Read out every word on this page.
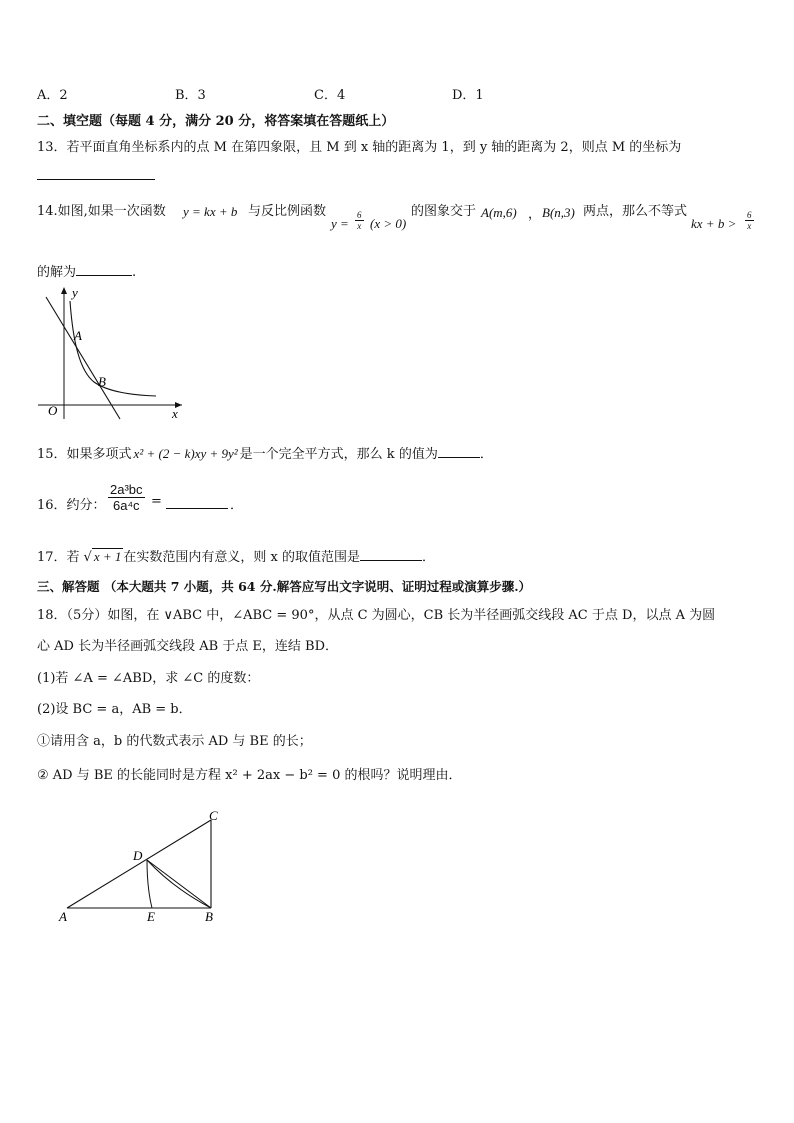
A．2	B．3	C．4	D．1
二、填空题（每题 4 分，满分 20 分，将答案填在答题纸上）
13．若平面直角坐标系内的点 M 在第四象限，且 M 到 x 轴的距离为 1，到 y 轴的距离为 2，则点 M 的坐标为
14.如图,如果一次函数 y = kx + b 与反比例函数
$y = \frac{6}{x} (x > 0)$
的图象交于 A(m,6) ， B(n,3) 两点，那么不等式
kx + $b > \frac{6}{x}$
的解为	.
y
x
O
A
B
15．如果多项式 x² + (2 − k)xy + 9y² 是一个完全平方式，那么 k 的值为	．
16．约分： $\frac{\text{2a³bc}}{\text{6a⁴c}}$ =	．
17．若 √ x + 1 在实数范围内有意义，则 x 的取值范围是	．
三、解答题 （本大题共 7 小题，共 64 分.解答应写出文字说明、证明过程或演算步骤.）
18．（5分）如图，在 ∨ABC 中，∠ABC = 90°，从点 C 为圆心，CB 长为半径画弧交线段 AC 于点 D，以点 A 为圆
心 AD 长为半径画弧交线段 AB 于点 E，连结 BD．
(1)若 ∠A = ∠ABD，求 ∠C 的度数：
(2)设 BC = a，AB = b．
①请用含 a，b 的代数式表示 AD 与 BE 的长；
② AD 与 BE 的长能同时是方程 x² + 2ax − b² = 0 的根吗？说明理由．
C
D
A	E	B
